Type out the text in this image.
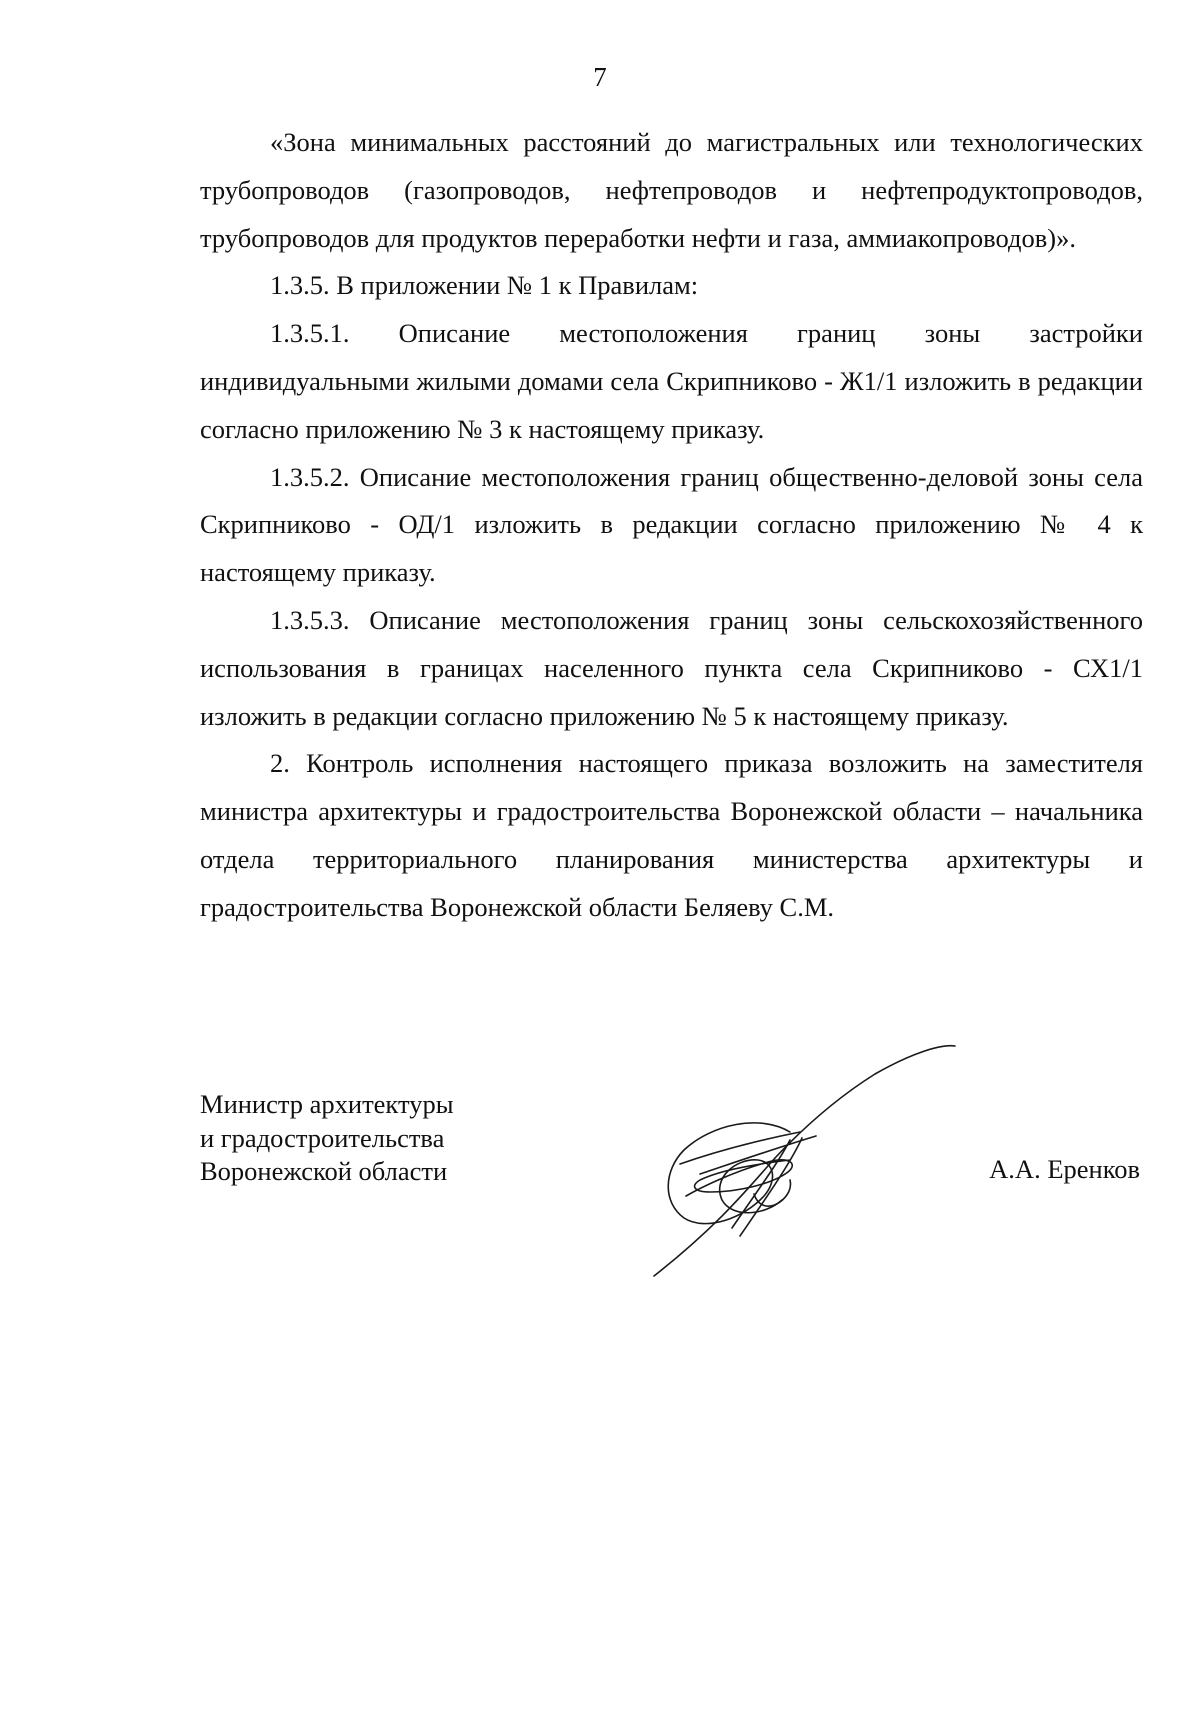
7

«Зона минимальных расстояний до магистральных или технологических трубопроводов (газопроводов, нефтепроводов и нефтепродуктопроводов, трубопроводов для продуктов переработки нефти и газа, аммиакопроводов)».

1.3.5. В приложении № 1 к Правилам:

1.3.5.1. Описание местоположения границ зоны застройки индивидуальными жилыми домами села Скрипниково - Ж1/1 изложить в редакции согласно приложению № 3 к настоящему приказу.

1.3.5.2. Описание местоположения границ общественно-деловой зоны села Скрипниково - ОД/1 изложить в редакции согласно приложению № 4 к настоящему приказу.

1.3.5.3. Описание местоположения границ зоны сельскохозяйственного использования в границах населенного пункта села Скрипниково - СХ1/1 изложить в редакции согласно приложению № 5 к настоящему приказу.

2. Контроль исполнения настоящего приказа возложить на заместителя министра архитектуры и градостроительства Воронежской области – начальника отдела территориального планирования министерства архитектуры и градостроительства Воронежской области Беляеву С.М.

Министр архитектуры
и градостроительства
Воронежской области	А.А. Еренков
